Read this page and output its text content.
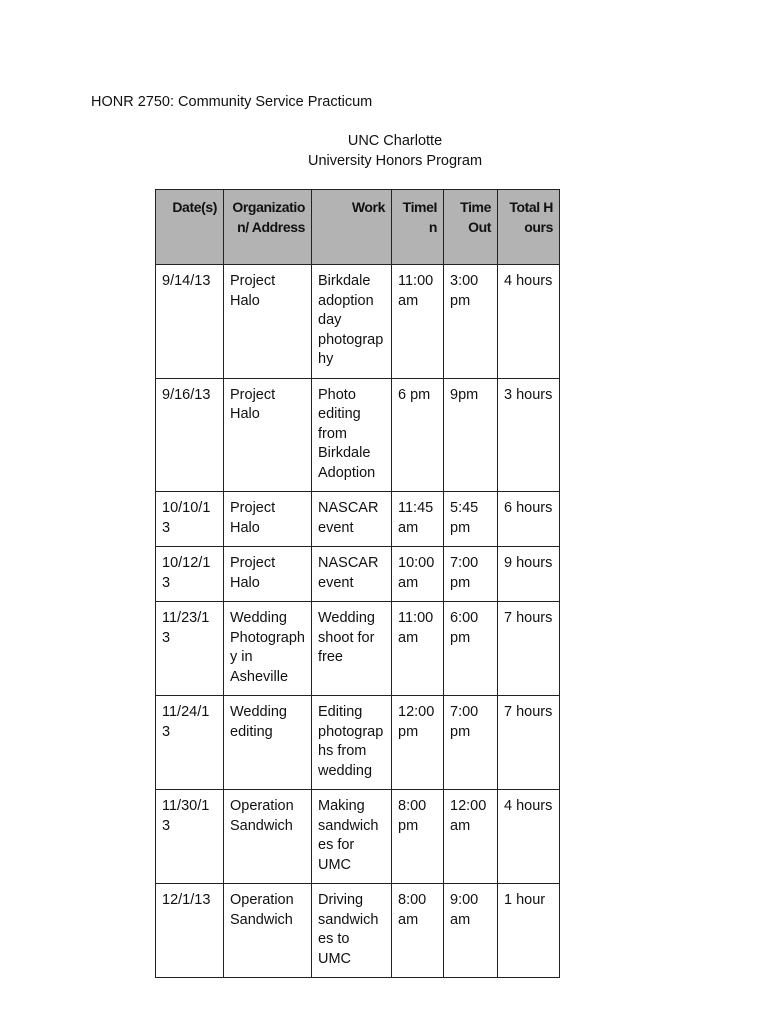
HONR 2750: Community Service Practicum
UNC Charlotte
University Honors Program
Date(s)	Organization/ Address	Work	TimeIn	Time Out	Total Hours
9/14/13	Project Halo	Birkdale adoption day photography	11:00 am	3:00 pm	4 hours
9/16/13	Project Halo	Photo editing from Birkdale Adoption	6 pm	9pm	3 hours
10/10/13	Project Halo	NASCAR event	11:45 am	5:45 pm	6 hours
10/12/13	Project Halo	NASCAR event	10:00 am	7:00 pm	9 hours
11/23/13	Wedding Photography in Asheville	Wedding shoot for free	11:00 am	6:00 pm	7 hours
11/24/13	Wedding editing	Editing photographs from wedding	12:00 pm	7:00 pm	7 hours
11/30/13	Operation Sandwich	Making sandwiches for UMC	8:00 pm	12:00 am	4 hours
12/1/13	Operation Sandwich	Driving sandwiches to UMC	8:00 am	9:00 am	1 hour
